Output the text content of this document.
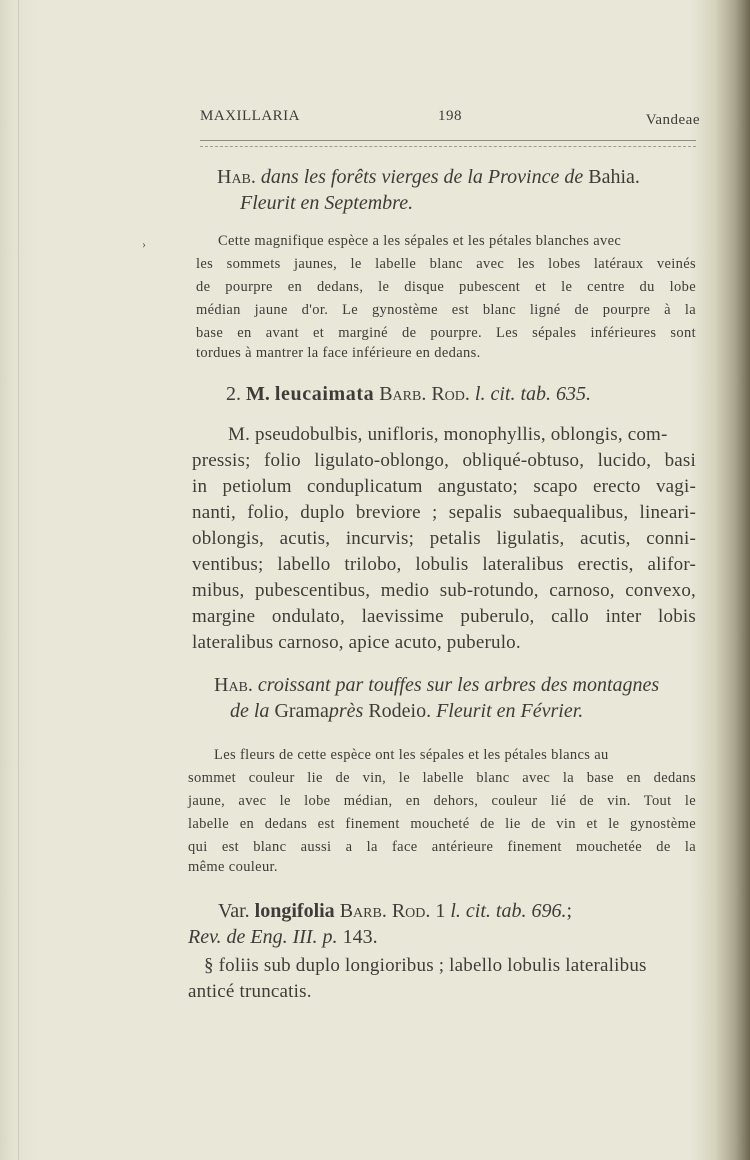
MAXILLARIA	198	Vandeae
Hab. dans les forêts vierges de la Province de Bahia.
Fleurit en Septembre.
›	Cette magnifique espèce a les sépales et les pétales blanches avec
les sommets jaunes, le labelle blanc avec les lobes latéraux veinés
de pourpre en dedans, le disque pubescent et le centre du lobe
médian jaune d'or. Le gynostème est blanc ligné de pourpre à la
base en avant et marginé de pourpre. Les sépales inférieures sont
tordues à mantrer la face inférieure en dedans.
2. M. leucaimata Barb. Rod. l. cit. tab. 635.
M. pseudobulbis, unifloris, monophyllis, oblongis, com-
pressis; folio ligulato-oblongo, obliqué-obtuso, lucido, basi
in petiolum conduplicatum angustato; scapo erecto vagi-
nanti, folio, duplo breviore ; sepalis subaequalibus, lineari-
oblongis, acutis, incurvis; petalis ligulatis, acutis, conni-
ventibus; labello trilobo, lobulis lateralibus erectis, alifor-
mibus, pubescentibus, medio sub-rotundo, carnoso, convexo,
margine ondulato, laevissime puberulo, callo inter lobis
lateralibus carnoso, apice acuto, puberulo.
Hab. croissant par touffes sur les arbres des montagnes
de la Gramaprès Rodeio. Fleurit en Février.
Les fleurs de cette espèce ont les sépales et les pétales blancs au
sommet couleur lie de vin, le labelle blanc avec la base en dedans
jaune, avec le lobe médian, en dehors, couleur lié de vin. Tout le
labelle en dedans est finement moucheté de lie de vin et le gynostème
qui est blanc aussi a la face antérieure finement mouchetée de la
même couleur.
Var. longifolia Barb. Rod. 1 l. cit. tab. 696.;
Rev. de Eng. III. p. 143.
§ foliis sub duplo longioribus ; labello lobulis lateralibus
anticé truncatis.
